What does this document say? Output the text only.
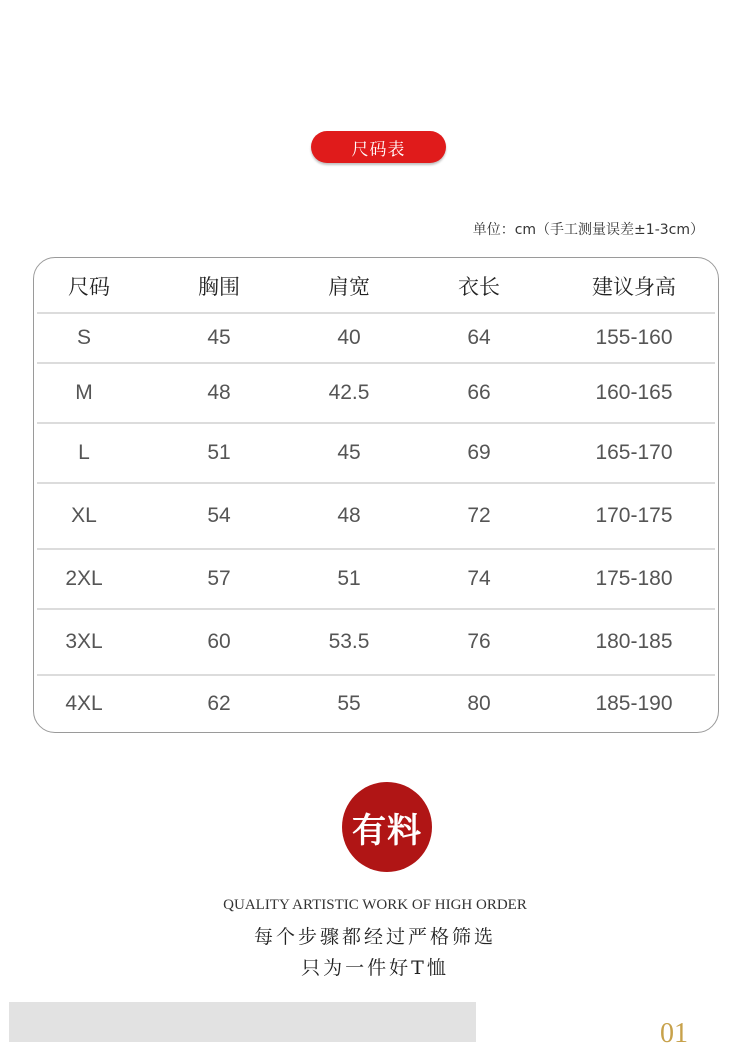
尺码表
单位：cm（手工测量误差±1-3cm）
尺码	胸围	肩宽	衣长	建议身高
S	45	40	64	155-160
M	48	42.5	66	160-165
L	51	45	69	165-170
XL	54	48	72	170-175
2XL	57	51	74	175-180
3XL	60	53.5	76	180-185
4XL	62	55	80	185-190
有料
QUALITY ARTISTIC WORK OF HIGH ORDER
每个步骤都经过严格筛选
只为一件好T恤
01
